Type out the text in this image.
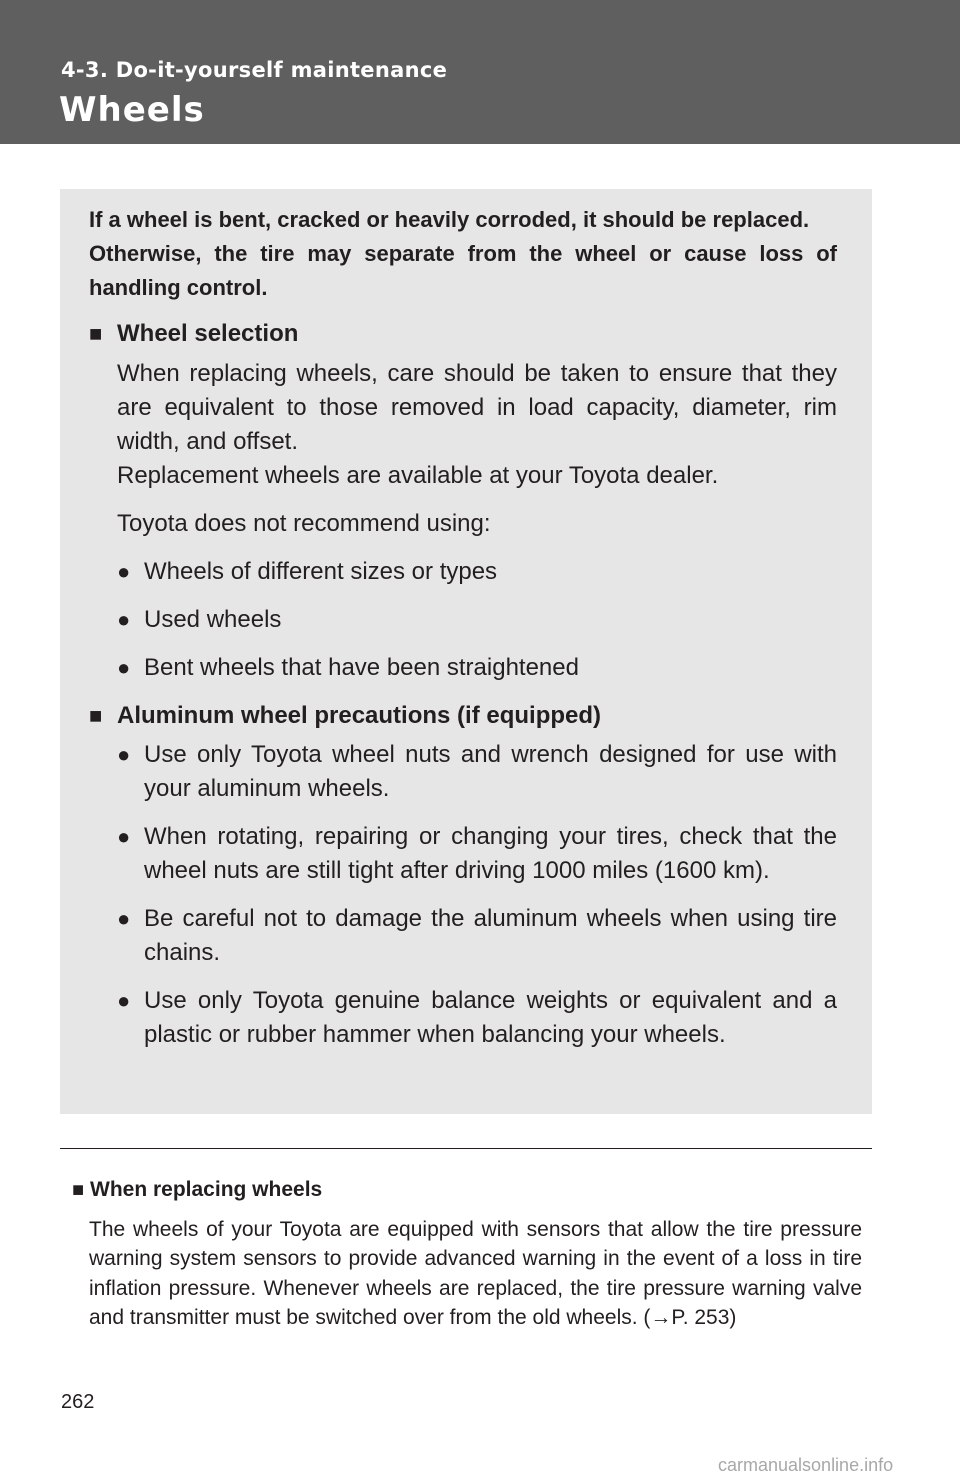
4-3. Do-it-yourself maintenance
Wheels

If a wheel is bent, cracked or heavily corroded, it should be replaced.

Otherwise, the tire may separate from the wheel or cause loss of handling control.

■ Wheel selection
When replacing wheels, care should be taken to ensure that they are equivalent to those removed in load capacity, diameter, rim width, and offset.
Replacement wheels are available at your Toyota dealer.
Toyota does not recommend using:
● Wheels of different sizes or types
● Used wheels
● Bent wheels that have been straightened
■ Aluminum wheel precautions (if equipped)
● Use only Toyota wheel nuts and wrench designed for use with your aluminum wheels.
● When rotating, repairing or changing your tires, check that the wheel nuts are still tight after driving 1000 miles (1600 km).
● Be careful not to damage the aluminum wheels when using tire chains.
● Use only Toyota genuine balance weights or equivalent and a plastic or rubber hammer when balancing your wheels.
■ When replacing wheels
The wheels of your Toyota are equipped with sensors that allow the tire pressure warning system sensors to provide advanced warning in the event of a loss in tire inflation pressure. Whenever wheels are replaced, the tire pressure warning valve and transmitter must be switched over from the old wheels. (→P. 253)
262
carmanualsonline.info
